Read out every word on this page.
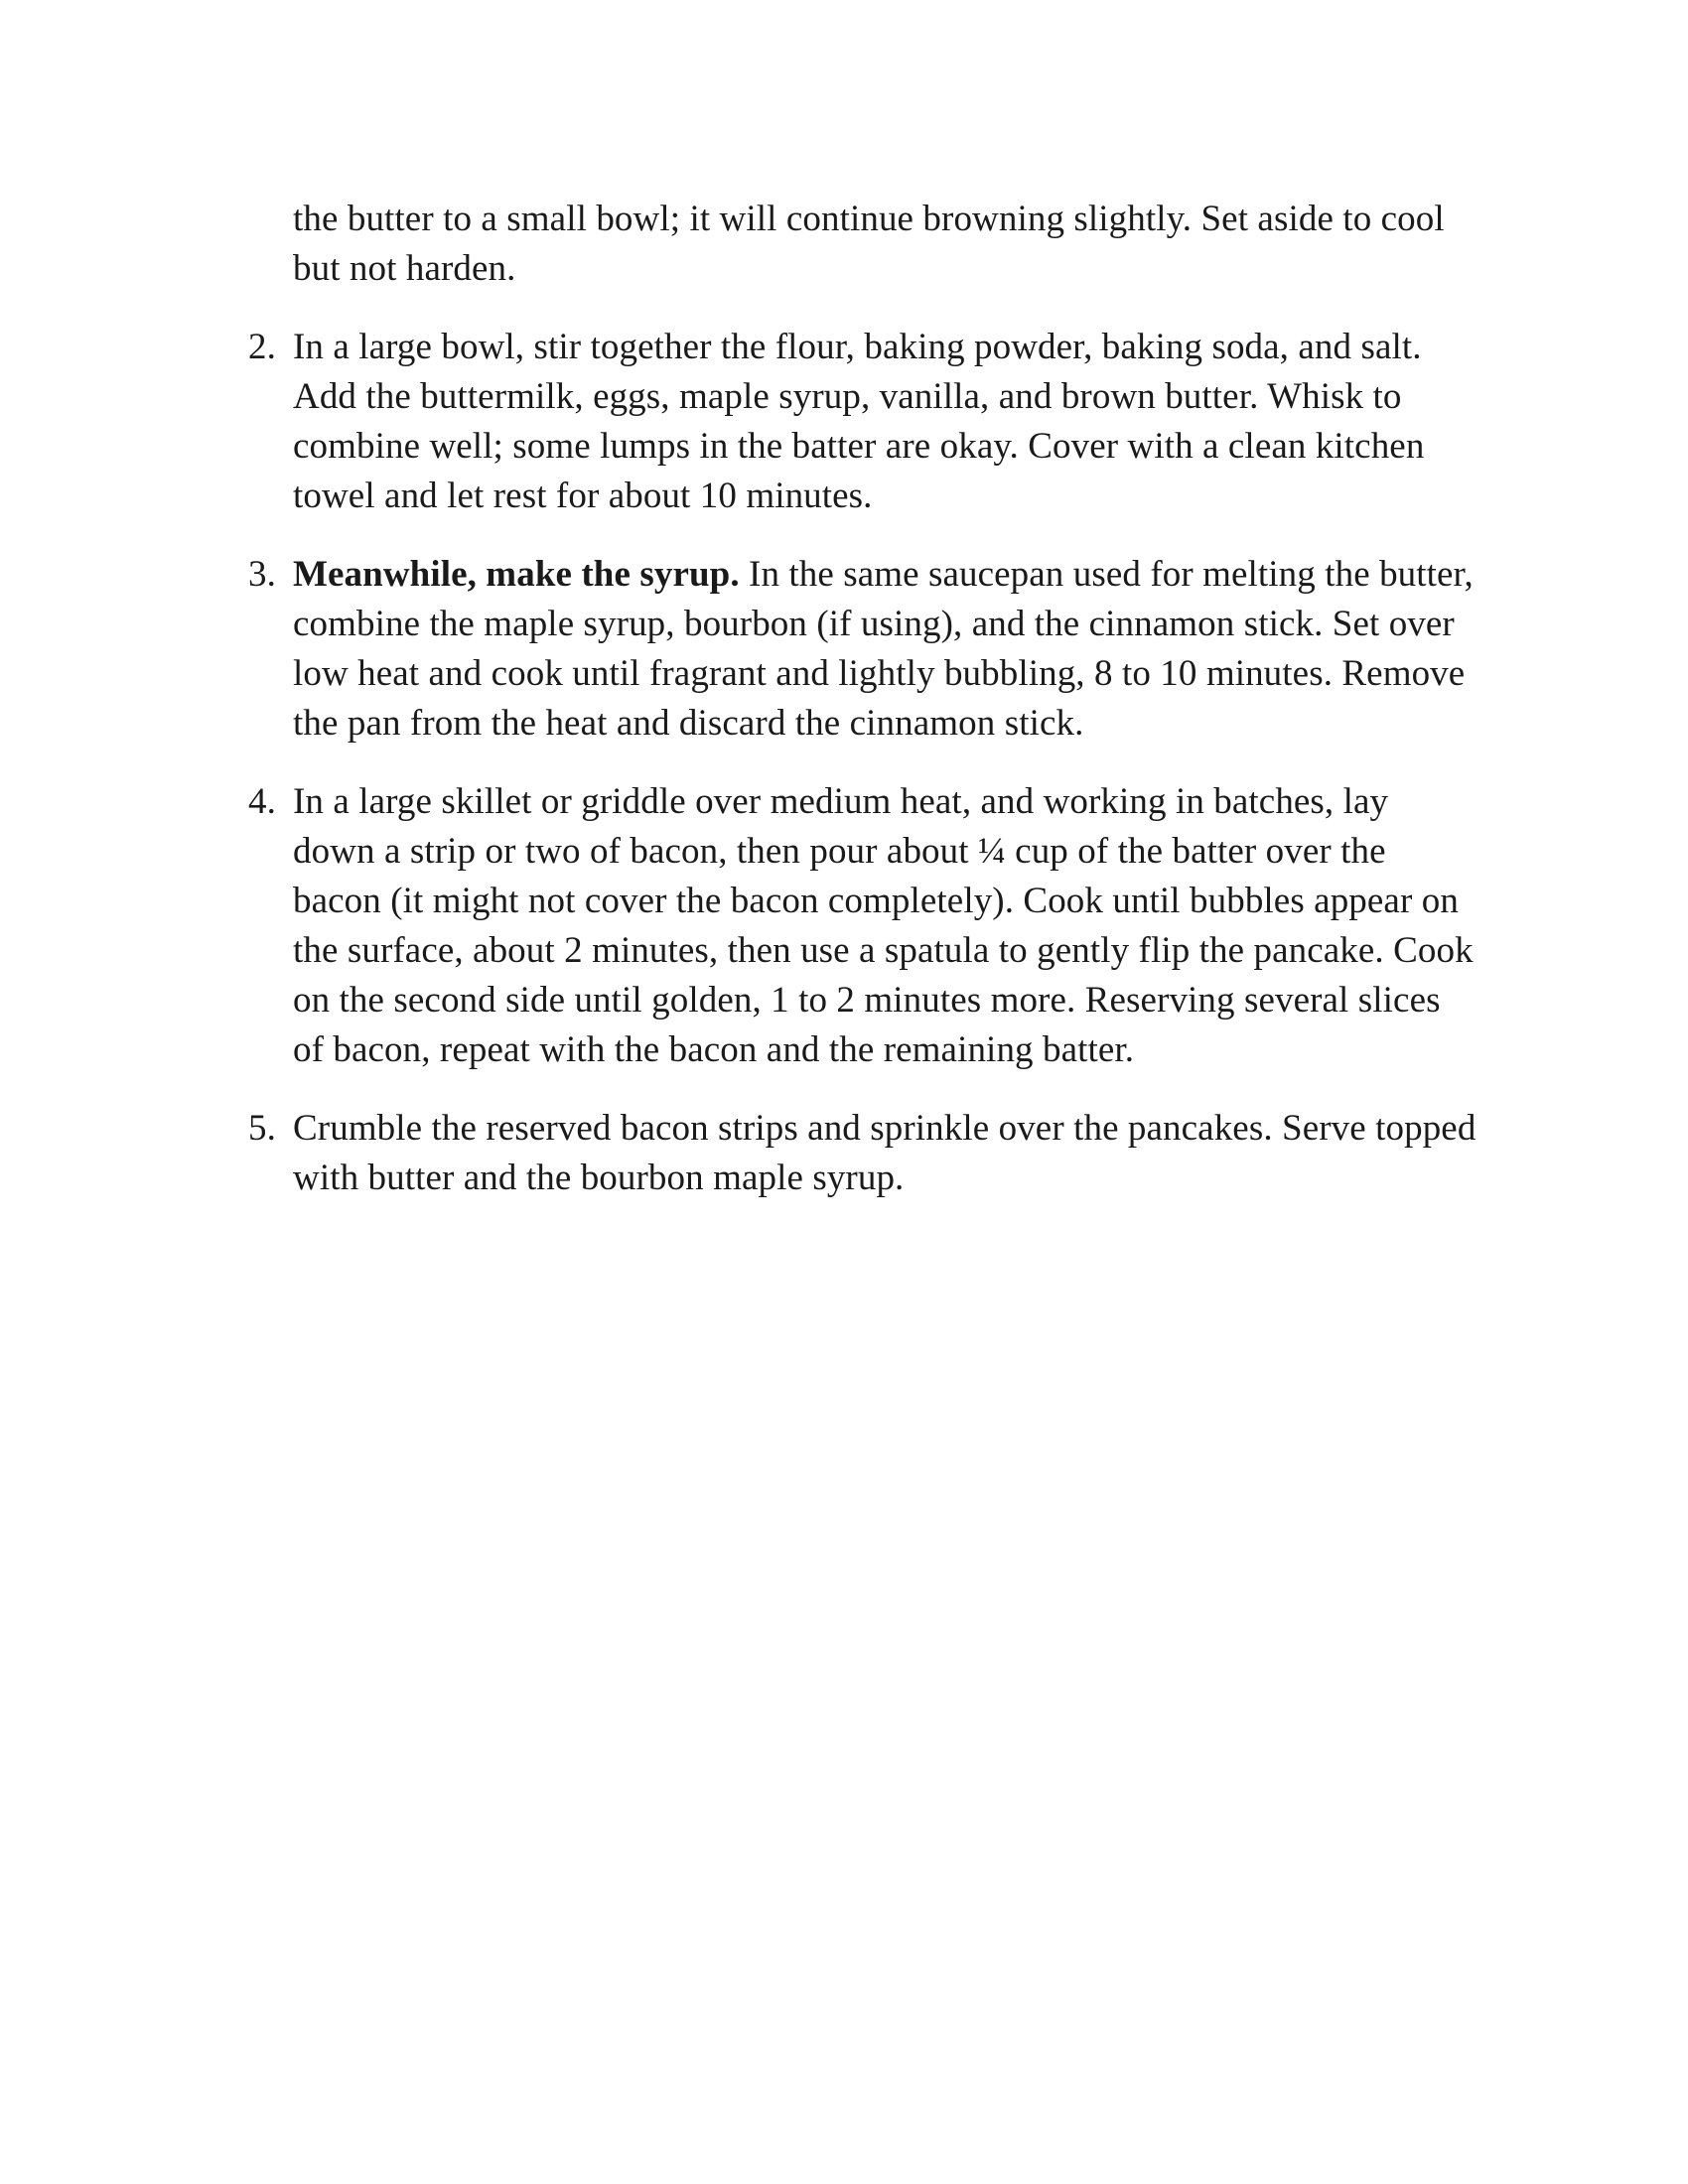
the butter to a small bowl; it will continue browning slightly. Set aside to cool but not harden.

2. In a large bowl, stir together the flour, baking powder, baking soda, and salt. Add the buttermilk, eggs, maple syrup, vanilla, and brown butter. Whisk to combine well; some lumps in the batter are okay. Cover with a clean kitchen towel and let rest for about 10 minutes.

3. Meanwhile, make the syrup. In the same saucepan used for melting the butter, combine the maple syrup, bourbon (if using), and the cinnamon stick. Set over low heat and cook until fragrant and lightly bubbling, 8 to 10 minutes. Remove the pan from the heat and discard the cinnamon stick.

4. In a large skillet or griddle over medium heat, and working in batches, lay down a strip or two of bacon, then pour about ¼ cup of the batter over the bacon (it might not cover the bacon completely). Cook until bubbles appear on the surface, about 2 minutes, then use a spatula to gently flip the pancake. Cook on the second side until golden, 1 to 2 minutes more. Reserving several slices of bacon, repeat with the bacon and the remaining batter.

5. Crumble the reserved bacon strips and sprinkle over the pancakes. Serve topped with butter and the bourbon maple syrup.
